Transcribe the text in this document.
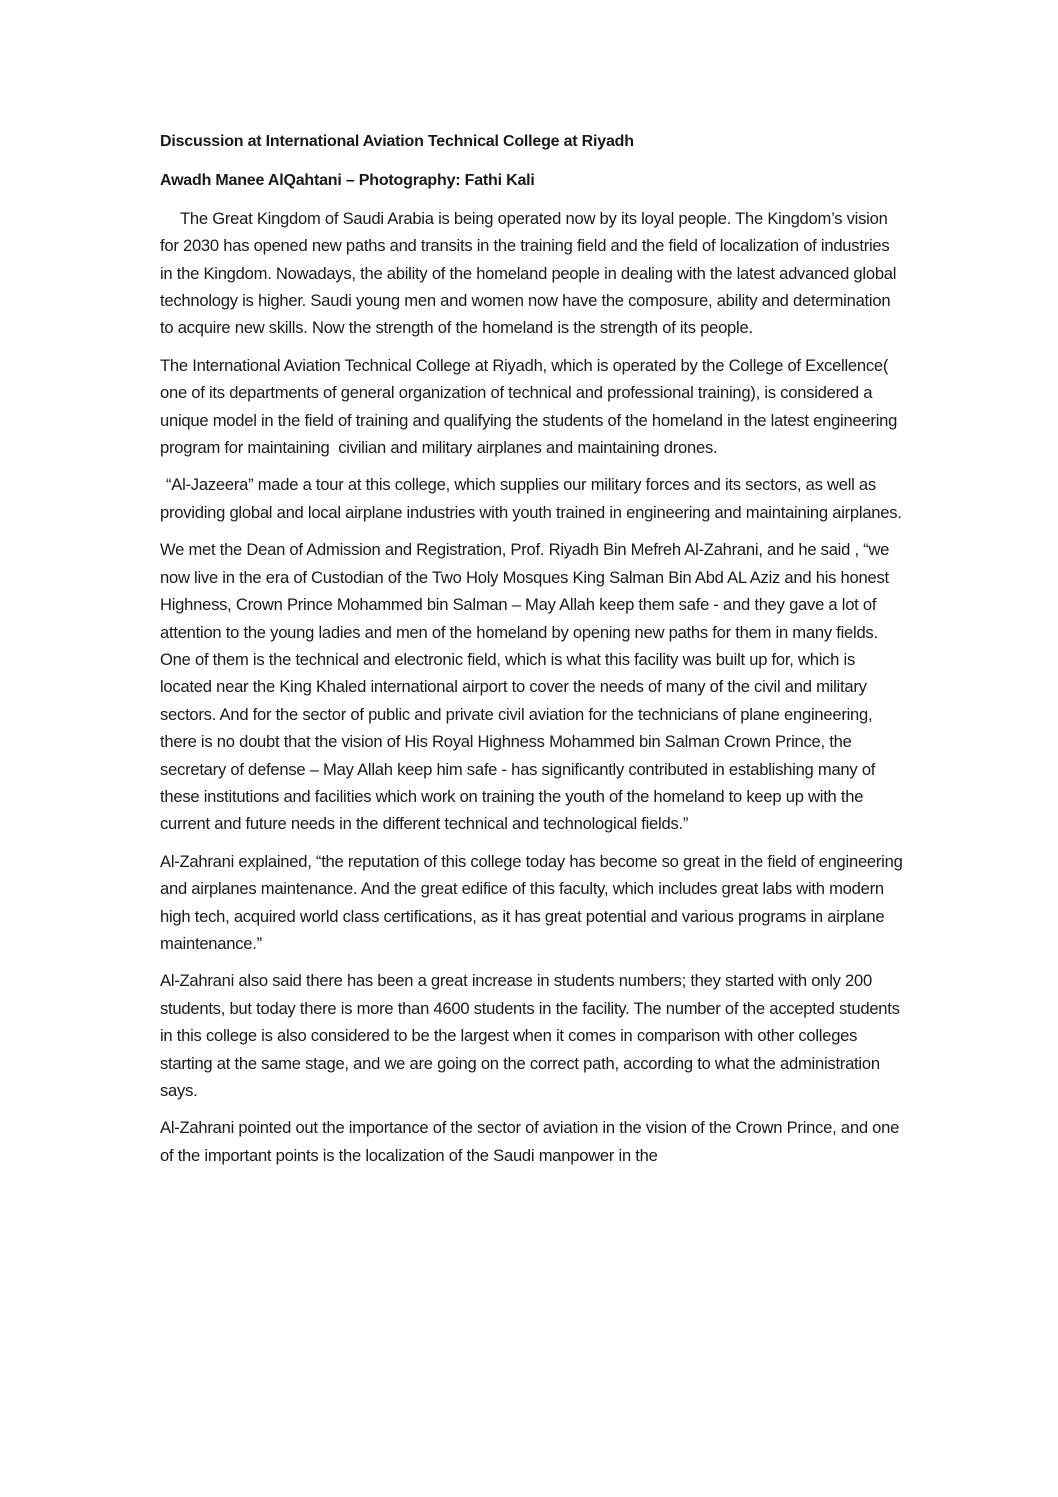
Discussion at International Aviation Technical College at Riyadh

Awadh Manee AlQahtani – Photography: Fathi Kali

The Great Kingdom of Saudi Arabia is being operated now by its loyal people. The Kingdom’s vision for 2030 has opened new paths and transits in the training field and the field of localization of industries in the Kingdom. Nowadays, the ability of the homeland people in dealing with the latest advanced global technology is higher. Saudi young men and women now have the composure, ability and determination to acquire new skills. Now the strength of the homeland is the strength of its people.

The International Aviation Technical College at Riyadh, which is operated by the College of Excellence( one of its departments of general organization of technical and professional training), is considered a unique model in the field of training and qualifying the students of the homeland in the latest engineering program for maintaining  civilian and military airplanes and maintaining drones.

“Al-Jazeera” made a tour at this college, which supplies our military forces and its sectors, as well as providing global and local airplane industries with youth trained in engineering and maintaining airplanes.

We met the Dean of Admission and Registration, Prof. Riyadh Bin Mefreh Al-Zahrani, and he said , “we now live in the era of Custodian of the Two Holy Mosques King Salman Bin Abd AL Aziz and his honest Highness, Crown Prince Mohammed bin Salman – May Allah keep them safe - and they gave a lot of attention to the young ladies and men of the homeland by opening new paths for them in many fields. One of them is the technical and electronic field, which is what this facility was built up for, which is located near the King Khaled international airport to cover the needs of many of the civil and military sectors. And for the sector of public and private civil aviation for the technicians of plane engineering, there is no doubt that the vision of His Royal Highness Mohammed bin Salman Crown Prince, the secretary of defense – May Allah keep him safe - has significantly contributed in establishing many of these institutions and facilities which work on training the youth of the homeland to keep up with the current and future needs in the different technical and technological fields.”

Al-Zahrani explained, “the reputation of this college today has become so great in the field of engineering and airplanes maintenance. And the great edifice of this faculty, which includes great labs with modern high tech, acquired world class certifications, as it has great potential and various programs in airplane maintenance.”

Al-Zahrani also said there has been a great increase in students numbers; they started with only 200 students, but today there is more than 4600 students in the facility. The number of the accepted students in this college is also considered to be the largest when it comes in comparison with other colleges starting at the same stage, and we are going on the correct path, according to what the administration says.

Al-Zahrani pointed out the importance of the sector of aviation in the vision of the Crown Prince, and one of the important points is the localization of the Saudi manpower in the
